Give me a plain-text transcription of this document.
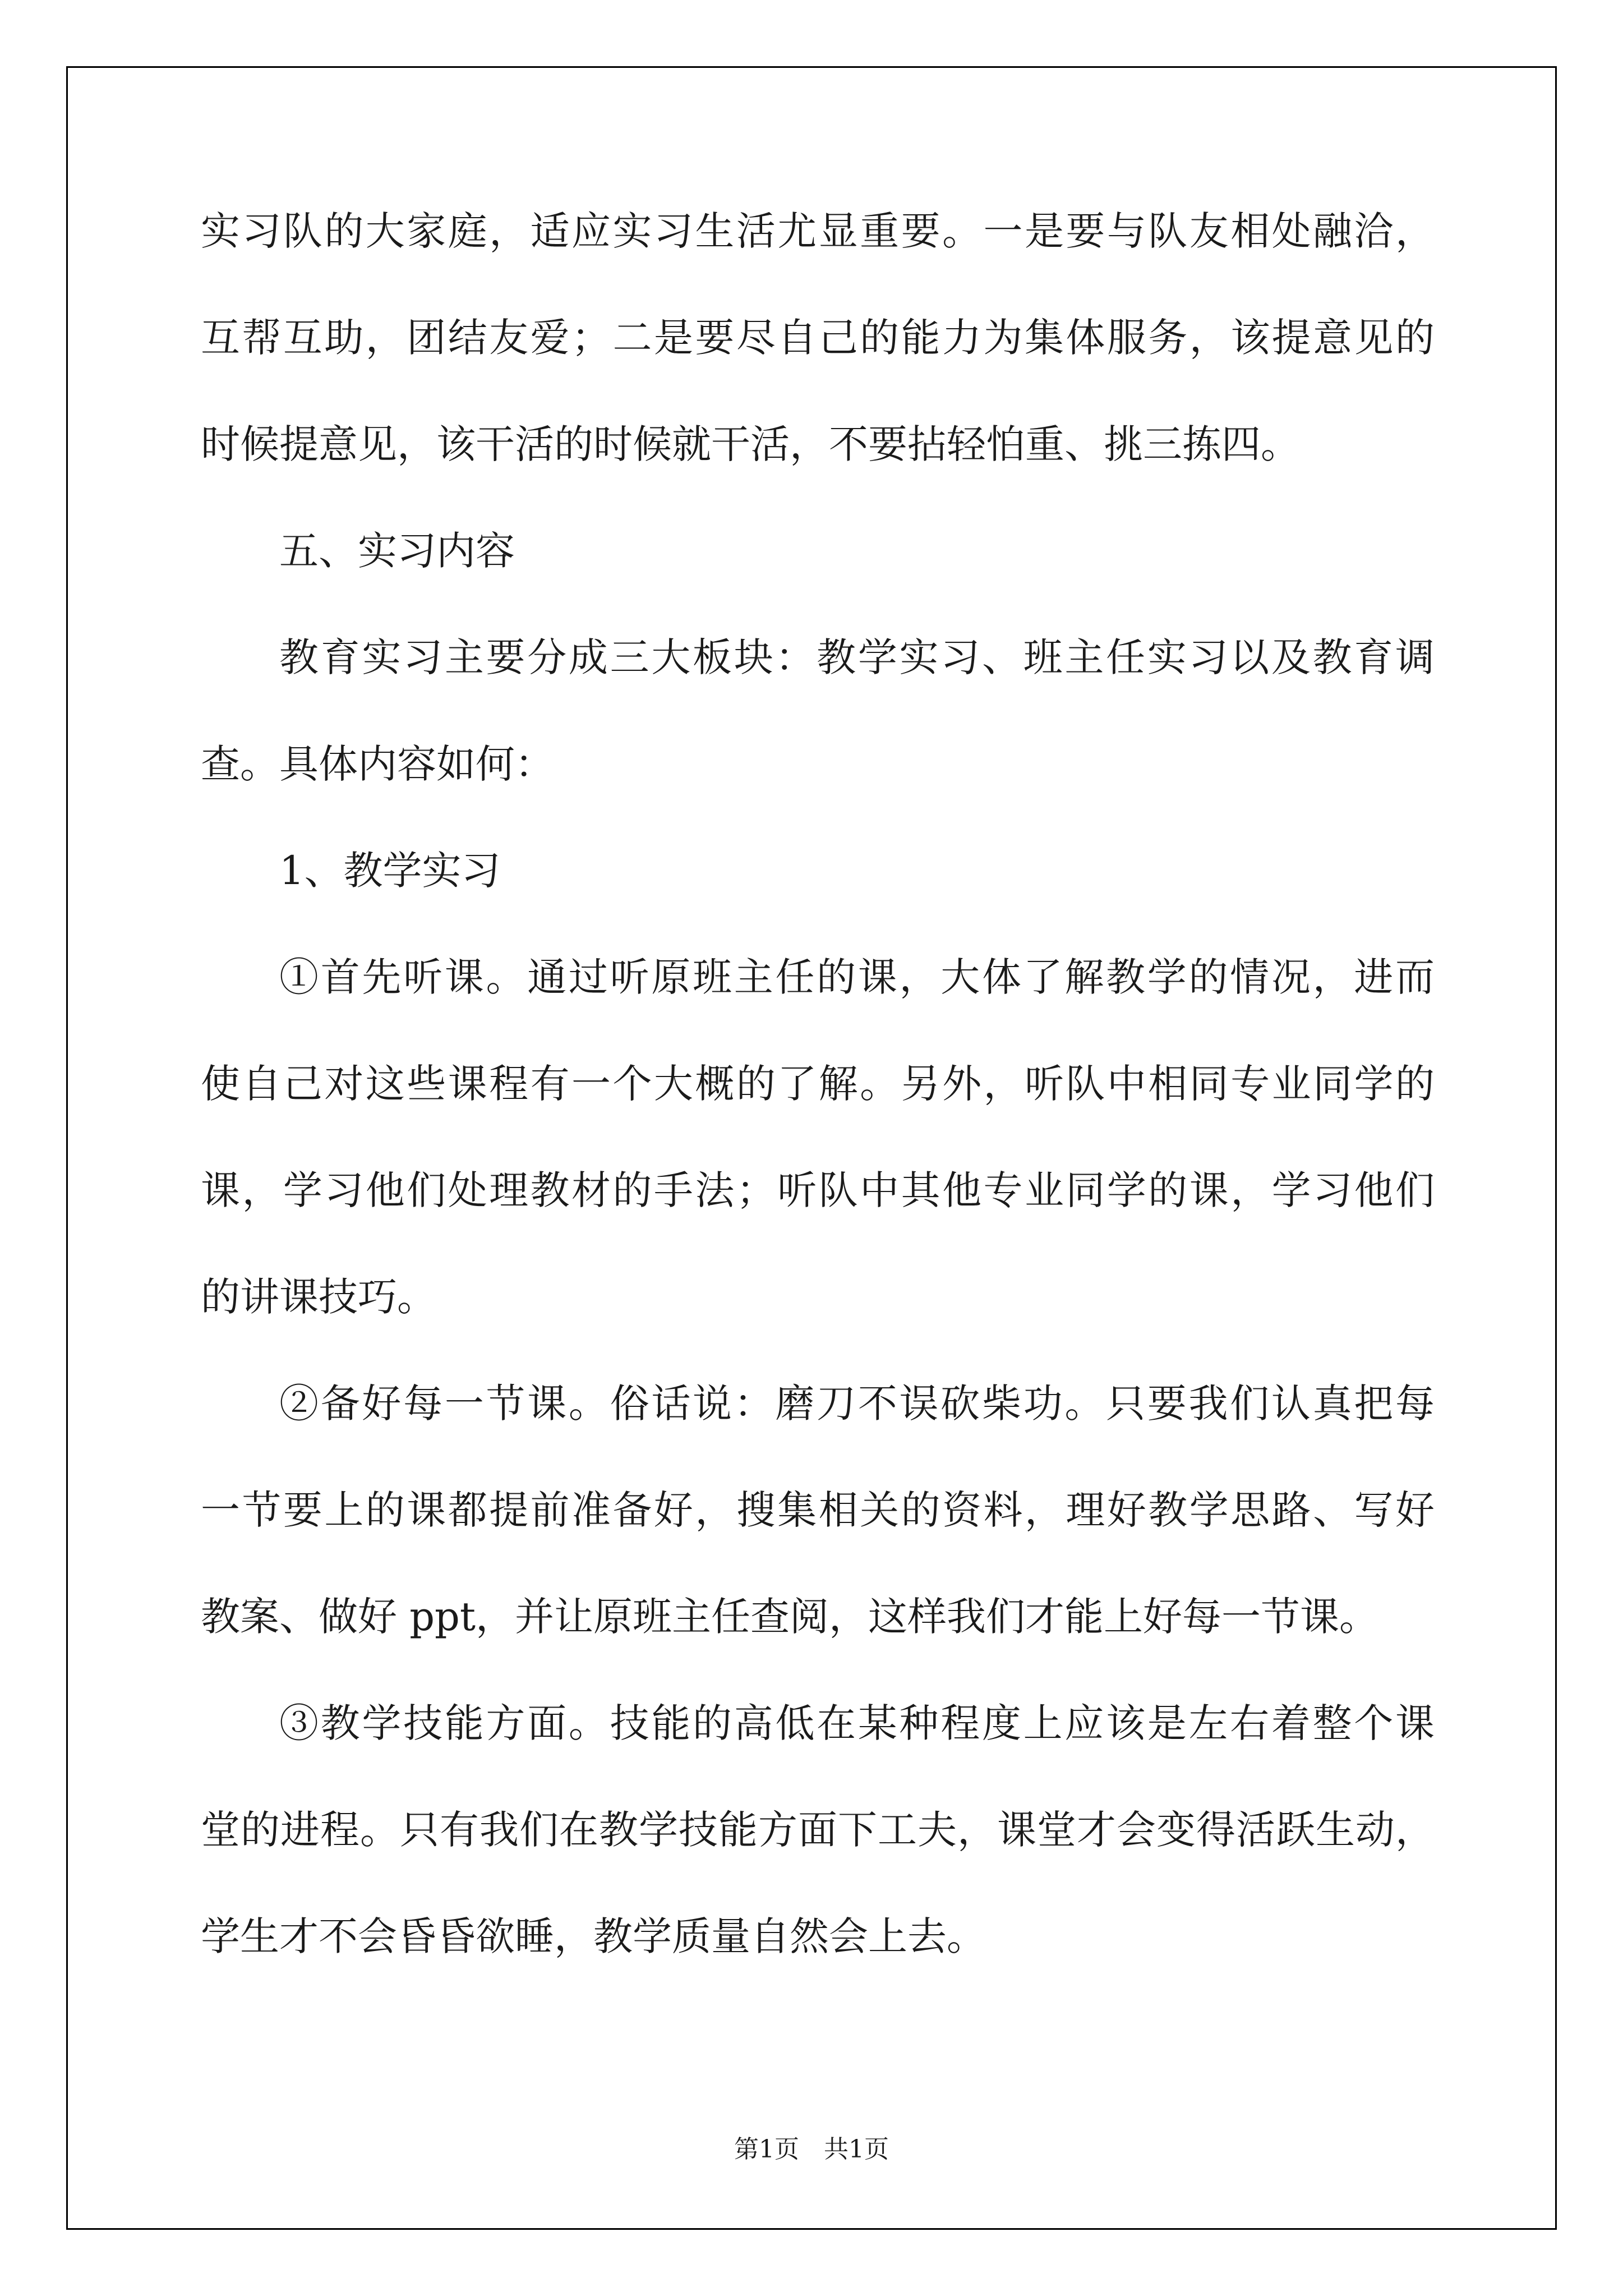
实习队的大家庭，适应实习生活尤显重要。一是要与队友相处融洽，
互帮互助，团结友爱；二是要尽自己的能力为集体服务，该提意见的
时候提意见，该干活的时候就干活，不要拈轻怕重、挑三拣四。
五、实习内容
教育实习主要分成三大板块：教学实习、班主任实习以及教育调
查。具体内容如何：
1、教学实习
①首先听课。通过听原班主任的课，大体了解教学的情况，进而
使自己对这些课程有一个大概的了解。另外，听队中相同专业同学的
课，学习他们处理教材的手法；听队中其他专业同学的课，学习他们
的讲课技巧。
②备好每一节课。俗话说：磨刀不误砍柴功。只要我们认真把每
一节要上的课都提前准备好，搜集相关的资料，理好教学思路、写好
教案、做好 ppt，并让原班主任查阅，这样我们才能上好每一节课。
③教学技能方面。技能的高低在某种程度上应该是左右着整个课
堂的进程。只有我们在教学技能方面下工夫，课堂才会变得活跃生动，
学生才不会昏昏欲睡，教学质量自然会上去。
第1页　共1页
